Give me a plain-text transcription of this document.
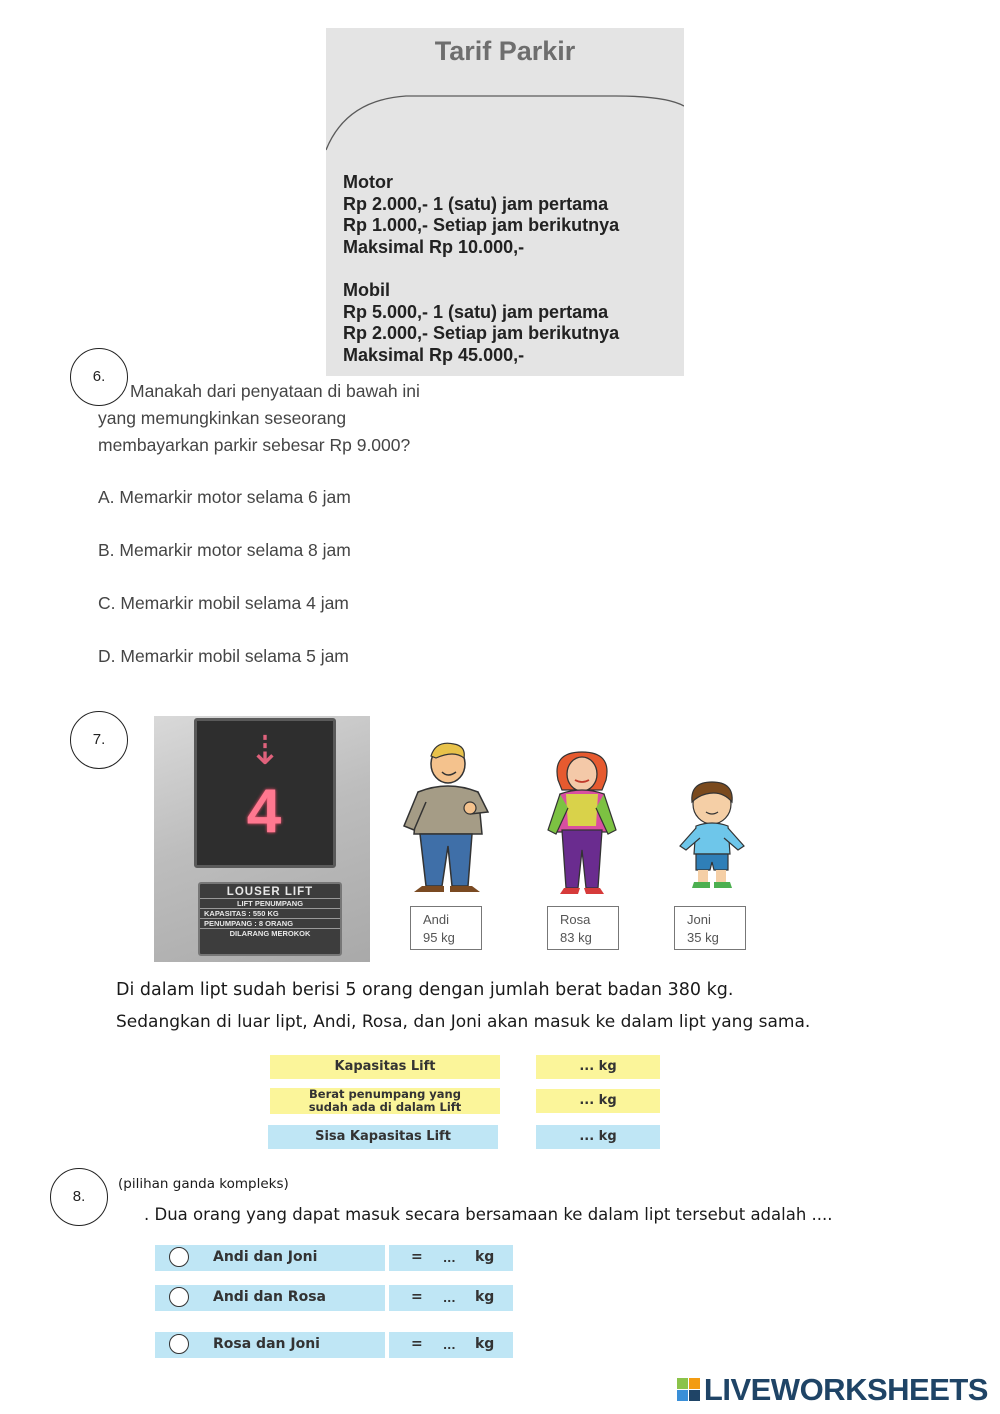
Tarif Parkir
Motor
Rp 2.000,- 1 (satu) jam pertama
Rp 1.000,- Setiap jam berikutnya
Maksimal Rp 10.000,-
Mobil
Rp 5.000,- 1 (satu) jam pertama
Rp 2.000,- Setiap jam berikutnya
Maksimal Rp 45.000,-
6.
Manakah dari penyataan di bawah ini
yang memungkinkan seseorang
membayarkan parkir sebesar Rp 9.000?
A. Memarkir motor selama 6 jam
B. Memarkir motor selama 8 jam
C. Memarkir mobil selama 4 jam
D. Memarkir mobil selama 5 jam
7.	⇣
4
LOUSER LIFT
LIFT PENUMPANG
KAPASITAS : 550 KG
PENUMPANG : 8 ORANG
DILARANG MEROKOK
Andi
95 kg
Rosa
83 kg
Joni
35 kg
Di dalam lipt sudah berisi 5 orang dengan jumlah berat badan 380 kg.
Sedangkan di luar lipt, Andi, Rosa, dan Joni akan masuk ke dalam lipt yang sama.
Kapasitas Lift	... kg
Berat penumpang yang
sudah ada di dalam Lift	... kg
Sisa Kapasitas Lift	... kg
8.
(pilihan ganda kompleks)
. Dua orang yang dapat masuk secara bersamaan ke dalam lipt tersebut adalah ....
Andi dan Joni	= ... kg
Andi dan Rosa	= ... kg
Rosa dan Joni	= ... kg
LIVEWORKSHEETS
